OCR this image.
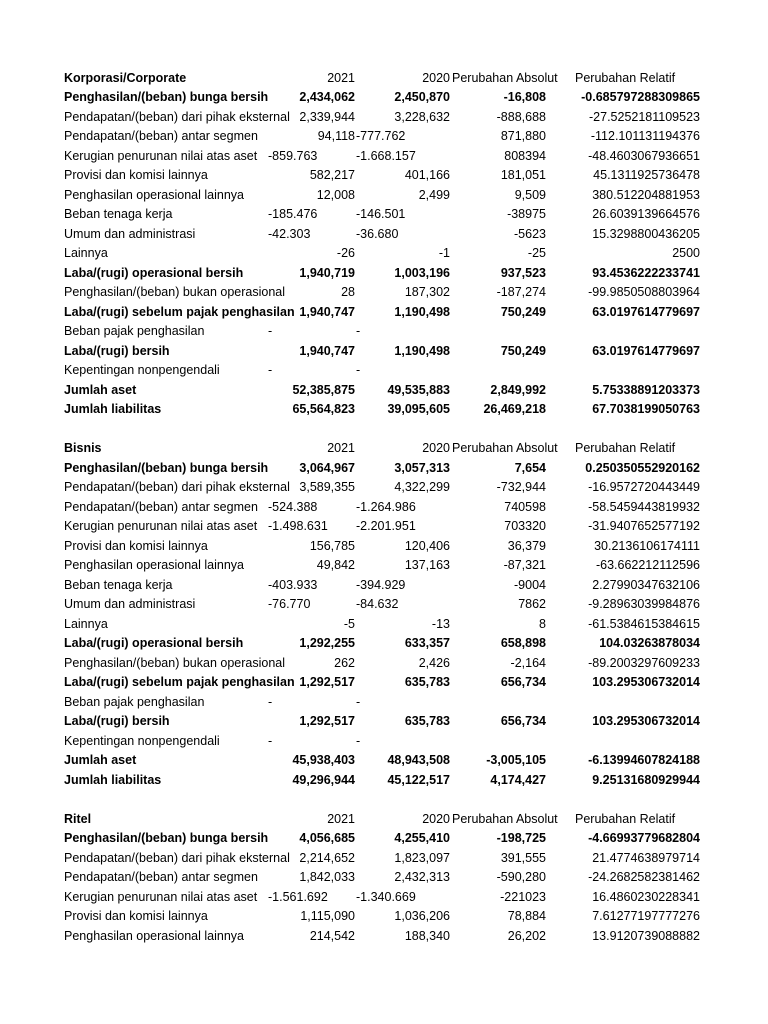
Korporasi/Corporate	2021	2020 Perubahan Absolut Perubahan Relatif
Penghasilan/(beban) bunga bersih	2,434,062	2,450,870	-16,808	-0.685797288309865
Pendapatan/(beban) dari pihak eksternal 2,339,944	3,228,632	-888,688	-27.5252181109523
Pendapatan/(beban) antar segmen	94,118 -777.762	871,880	-112.101131194376
Kerugian penurunan nilai atas aset -859.763	-1.668.157	808394	-48.4603067936651
Provisi dan komisi lainnya	582,217	401,166	181,051	45.1311925736478
Penghasilan operasional lainnya	12,008	2,499	9,509	380.512204881953
Beban tenaga kerja	-185.476	-146.501	-38975	26.6039139664576
Umum dan administrasi	-42.303	-36.680	-5623	15.3298800436205
Lainnya	-26	-1	-25	2500
Laba/(rugi) operasional bersih	1,940,719	1,003,196	937,523	93.4536222233741
Penghasilan/(beban) bukan operasional	28	187,302	-187,274	-99.9850508803964
Laba/(rugi) sebelum pajak penghasilan 1,940,747	1,190,498	750,249	63.0197614779697
Beban pajak penghasilan	-	-
Laba/(rugi) bersih	1,940,747	1,190,498	750,249	63.0197614779697
Kepentingan nonpengendali	-	-
Jumlah aset	52,385,875	49,535,883	2,849,992	5.75338891203373
Jumlah liabilitas	65,564,823	39,095,605	26,469,218	67.7038199050763
Bisnis	2021	2020 Perubahan Absolut Perubahan Relatif
Penghasilan/(beban) bunga bersih	3,064,967	3,057,313	7,654	0.250350552920162
Pendapatan/(beban) dari pihak eksternal 3,589,355	4,322,299	-732,944	-16.9572720443449
Pendapatan/(beban) antar segmen -524.388	-1.264.986	740598	-58.5459443819932
Kerugian penurunan nilai atas aset -1.498.631	-2.201.951	703320	-31.9407652577192
Provisi dan komisi lainnya	156,785	120,406	36,379	30.2136106174111
Penghasilan operasional lainnya	49,842	137,163	-87,321	-63.662212112596
Beban tenaga kerja	-403.933	-394.929	-9004	2.27990347632106
Umum dan administrasi	-76.770	-84.632	7862	-9.28963039984876
Lainnya	-5	-13	8	-61.5384615384615
Laba/(rugi) operasional bersih	1,292,255	633,357	658,898	104.03263878034
Penghasilan/(beban) bukan operasional	262	2,426	-2,164	-89.2003297609233
Laba/(rugi) sebelum pajak penghasilan 1,292,517	635,783	656,734	103.295306732014
Beban pajak penghasilan	-	-
Laba/(rugi) bersih	1,292,517	635,783	656,734	103.295306732014
Kepentingan nonpengendali	-	-
Jumlah aset	45,938,403	48,943,508	-3,005,105	-6.13994607824188
Jumlah liabilitas	49,296,944	45,122,517	4,174,427	9.25131680929944
Ritel	2021	2020 Perubahan Absolut Perubahan Relatif
Penghasilan/(beban) bunga bersih	4,056,685	4,255,410	-198,725	-4.66993779682804
Pendapatan/(beban) dari pihak eksternal 2,214,652	1,823,097	391,555	21.4774638979714
Pendapatan/(beban) antar segmen	1,842,033	2,432,313	-590,280	-24.2682582381462
Kerugian penurunan nilai atas aset -1.561.692	-1.340.669	-221023	16.4860230228341
Provisi dan komisi lainnya	1,115,090	1,036,206	78,884	7.61277197777276
Penghasilan operasional lainnya	214,542	188,340	26,202	13.9120739088882
